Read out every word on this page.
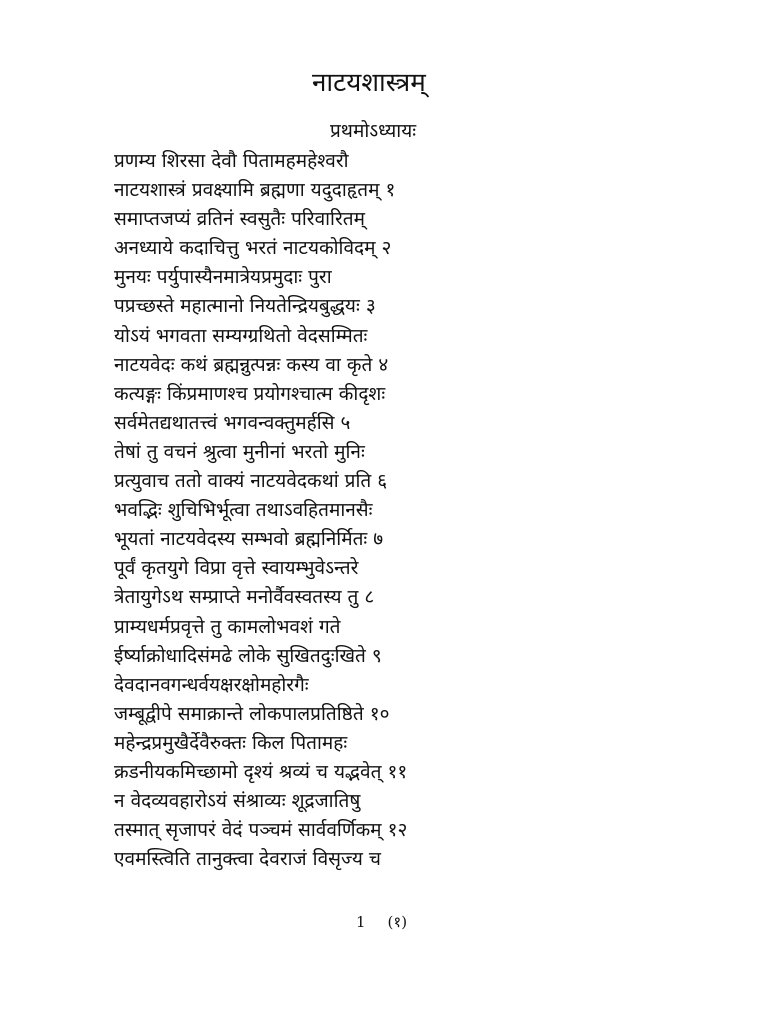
नाटयशास्त्रम्
प्रथमोऽध्यायः
प्रणम्य शिरसा देवौ पितामहमहेश्वरौ
नाटयशास्त्रं प्रवक्ष्यामि ब्रह्मणा यदुदाहृतम् १
समाप्तजप्यं व्रतिनं स्वसुतैः परिवारितम्
अनध्याये कदाचित्तु भरतं नाटयकोविदम् २
मुनयः पर्युपास्यैनमात्रेयप्रमुदाः पुरा
पप्रच्छस्ते महात्मानो नियतेन्द्रियबुद्धयः ३
योऽयं भगवता सम्यग्ग्रथितो वेदसम्मितः
नाटयवेदः कथं ब्रह्मन्नुत्पन्नः कस्य वा कृते ४
कत्यङ्गः किंप्रमाणश्च प्रयोगश्चात्म कीदृशः
सर्वमेतद्यथातत्त्वं भगवन्वक्तुमर्हसि ५
तेषां तु वचनं श्रुत्वा मुनीनां भरतो मुनिः
प्रत्युवाच ततो वाक्यं नाटयवेदकथां प्रति ६
भवद्भिः शुचिभिर्भूत्वा तथाऽवहितमानसैः
भूयतां नाटयवेदस्य सम्भवो ब्रह्मनिर्मितः ७
पूर्वं कृतयुगे विप्रा वृत्ते स्वायम्भुवेऽन्तरे
त्रेतायुगेऽथ सम्प्राप्ते मनोर्वैवस्वतस्य तु ८
प्राम्यधर्मप्रवृत्ते तु कामलोभवशं गते
ईर्ष्याक्रोधादिसंमढे लोके सुखितदुःखिते ९
देवदानवगन्धर्वयक्षरक्षोमहोरगैः
जम्बूद्वीपे समाक्रान्ते लोकपालप्रतिष्ठिते १०
महेन्द्रप्रमुखैर्देवैरुक्तः किल पितामहः
क्रडनीयकमिच्छामो दृश्यं श्रव्यं च यद्भवेत् ११
न वेदव्यवहारोऽयं संश्राव्यः शूद्रजातिषु
तस्मात् सृजापरं वेदं पञ्चमं सार्ववर्णिकम् १२
एवमस्त्विति तानुक्त्वा देवराजं विसृज्य च
1 (१)
